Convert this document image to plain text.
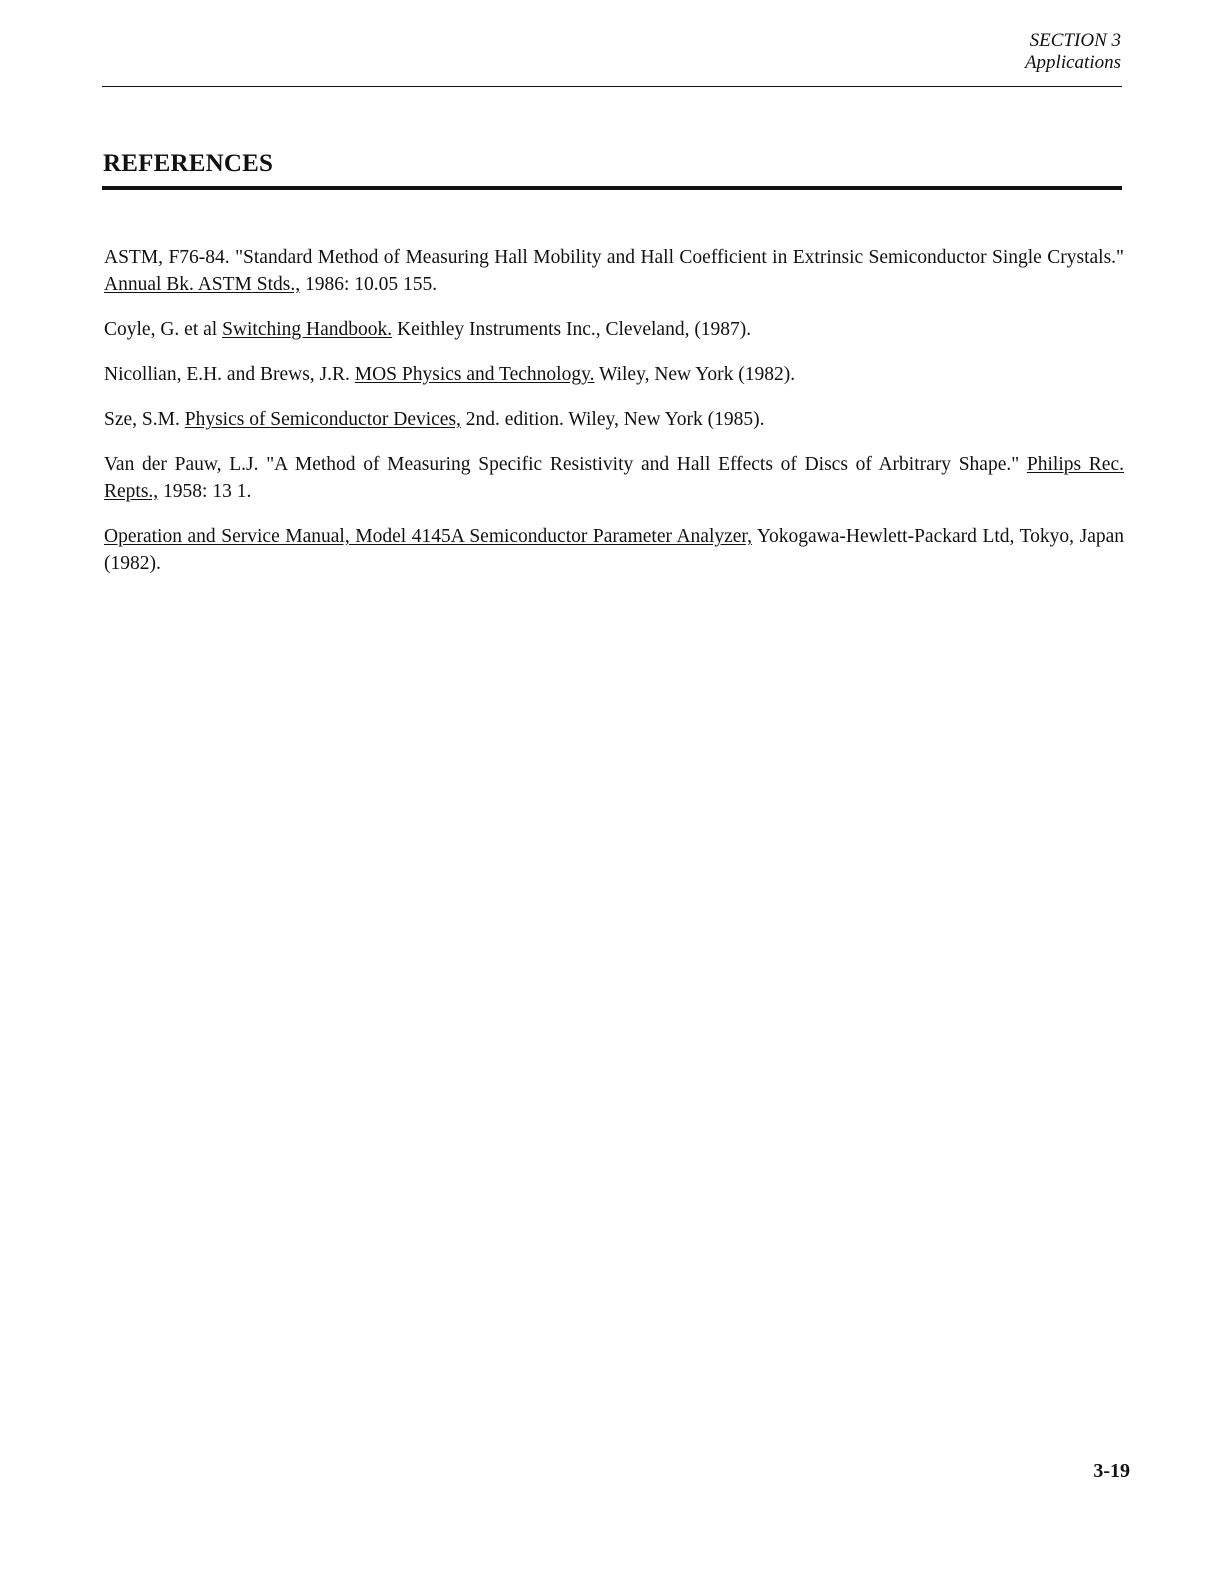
SECTION 3
Applications
REFERENCES

ASTM, F76-84. "Standard Method of Measuring Hall Mobility and Hall Coefficient in Extrinsic Semiconductor Single Crystals." Annual Bk. ASTM Stds., 1986: 10.05 155.

Coyle, G. et al Switching Handbook. Keithley Instruments Inc., Cleveland, (1987).

Nicollian, E.H. and Brews, J.R. MOS Physics and Technology. Wiley, New York (1982).

Sze, S.M. Physics of Semiconductor Devices, 2nd. edition. Wiley, New York (1985).

Van der Pauw, L.J. "A Method of Measuring Specific Resistivity and Hall Effects of Discs of Arbitrary Shape." Philips Rec. Repts., 1958: 13 1.

Operation and Service Manual, Model 4145A Semiconductor Parameter Analyzer, Yokogawa-Hewlett-Packard Ltd, Tokyo, Japan (1982).

3-19
